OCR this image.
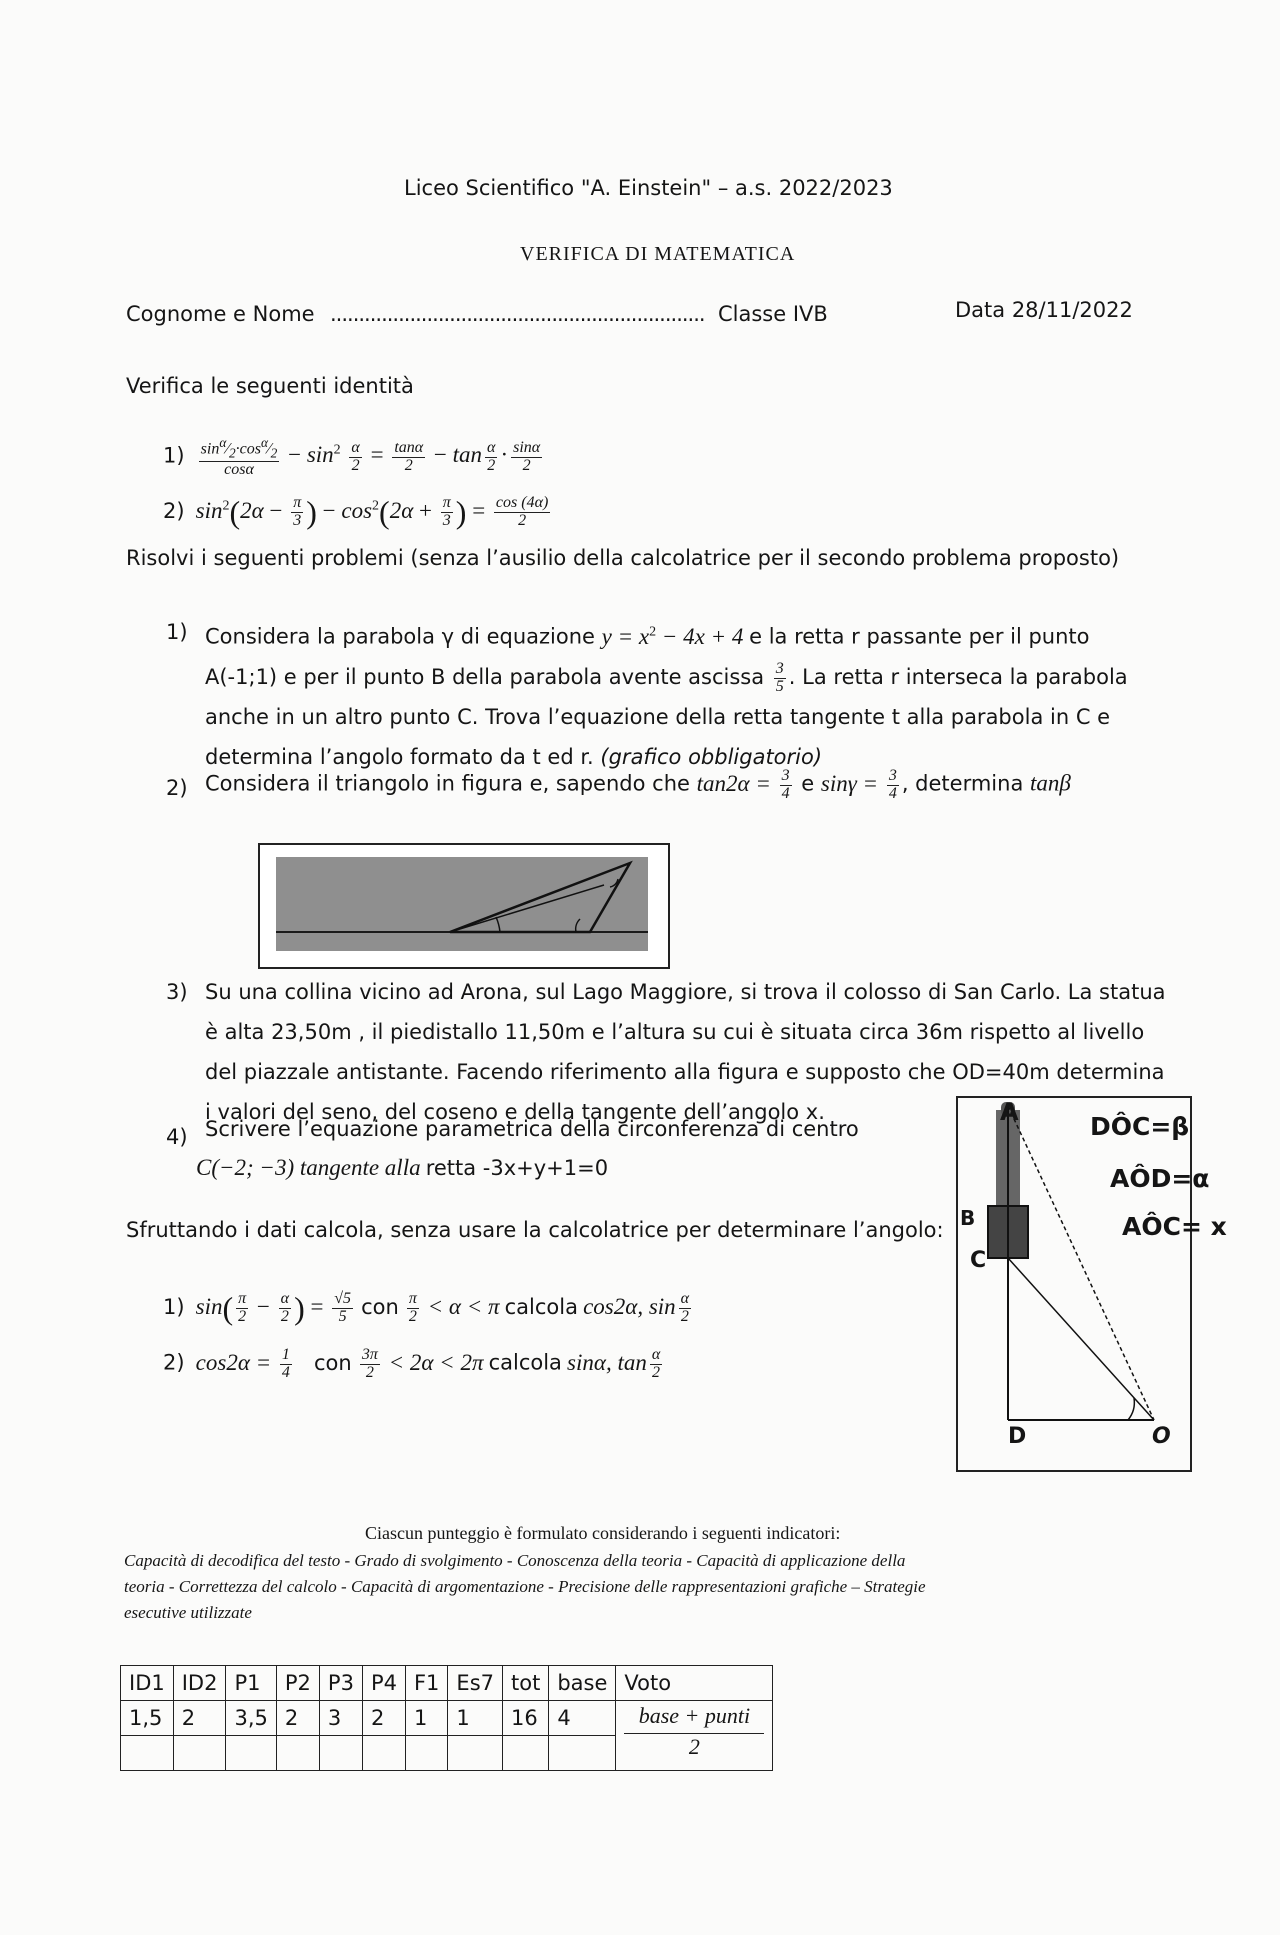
Liceo Scientifico "A. Einstein" – a.s. 2022/2023
VERIFICA DI MATEMATICA
Cognome e Nome .................................................................. Classe IVB	Data 28/11/2022
Verifica le seguenti identità
$1) \frac{\sin^\alpha⁄_2\cdot\cos^\alpha⁄_2}{\cos\alpha} - \sin^2 \frac{\alpha}{2} = \frac{\tan\alpha}{2} - \tan \frac{\alpha}{2} \cdot \frac{\sin\alpha}{2}$
2) $\sin^2(2\alpha - \frac{\pi}{3}$ ) − $\cos^2(2\alpha + \frac{\pi}{3}$ ) = $\frac{\cos (4\alpha)}{2}$
Risolvi i seguenti problemi (senza l’ausilio della calcolatrice per il secondo problema proposto)
1) Considera la parabola γ di equazione $y = x^2 - 4x + 4$ e la retta r passante per il punto
A(-1;1) e per il punto B della parabola avente ascissa $\frac{3}{5}$ . La retta r interseca la parabola
anche in un altro punto C. Trova l’equazione della retta tangente t alla parabola in C e
determina l’angolo formato da t ed r. (grafico obbligatorio)
2) Considera il triangolo in figura e, sapendo che $\tan 2\alpha = \frac{3}{4}$ e $\sin\gamma = \frac{3}{4}$ , determina tanβ
3) Su una collina vicino ad Arona, sul Lago Maggiore, si trova il colosso di San Carlo. La statua
è alta 23,50m , il piedistallo 11,50m e l’altura su cui è situata circa 36m rispetto al livello
del piazzale antistante. Facendo riferimento alla figura e supposto che OD=40m determina
i valori del seno, del coseno e della tangente dell’angolo x.
4) Scrivere l’equazione parametrica della circonferenza di centro
C(−2; −3) tangente alla retta -3x+y+1=0
Sfruttando i dati calcola, senza usare la calcolatrice per determinare l’angolo:
1) $\sin( \frac{\pi}{2} - \frac{\alpha}{2}$ ) = $\frac{√5}{5}$ con $\frac{\pi}{2} < \alpha < \pi$ calcola cos2α, $\sin \frac{\alpha}{2}$
2) $\cos 2\alpha = \frac{1}{4}$ con $\frac{3\pi}{2} < 2\alpha < 2\pi$ calcola sinα, $\tan \frac{\alpha}{2}$
A
B
C
D	O
DÔC=β
AÔD=α
AÔC= x
Ciascun punteggio è formulato considerando i seguenti indicatori:
Capacità di decodifica del testo - Grado di svolgimento - Conoscenza della teoria - Capacità di applicazione della
teoria - Correttezza del calcolo - Capacità di argomentazione - Precisione delle rappresentazioni grafiche – Strategie
esecutive utilizzate
ID1	ID2	P1	P2	P3	P4	F1	Es7	tot	base	Voto
1,5	2	3,5	2	3	2	1	1	16	4	base + punti
2
